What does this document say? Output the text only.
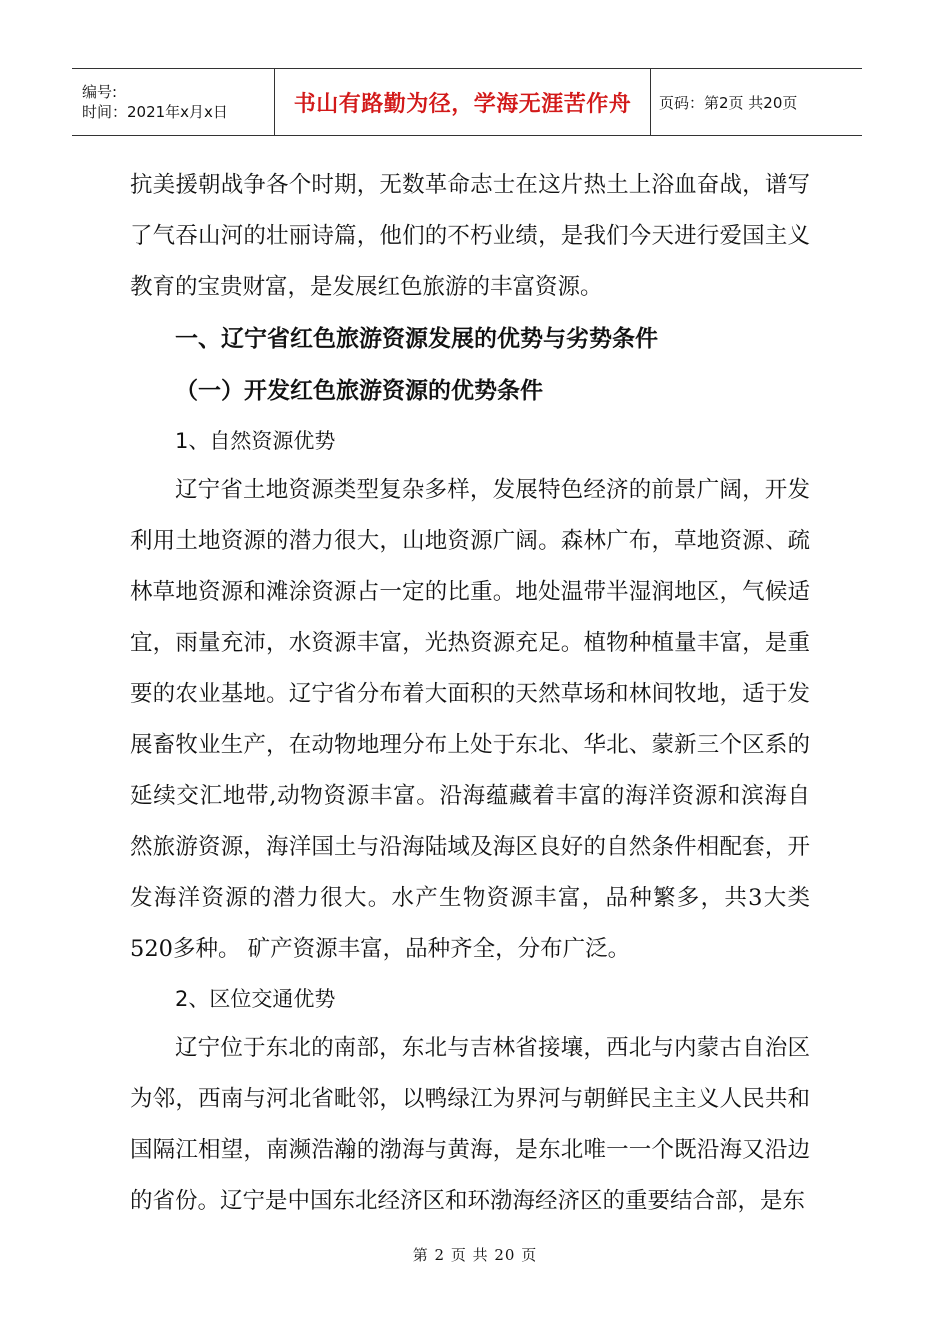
编号:
时间：2021年x月x日	书山有路勤为径，学海无涯苦作舟 页码：第2页 共20页

抗美援朝战争各个时期，无数革命志士在这片热土上浴血奋战，谱写了气吞山河的壮丽诗篇，他们的不朽业绩，是我们今天进行爱国主义教育的宝贵财富，是发展红色旅游的丰富资源。

一、辽宁省红色旅游资源发展的优势与劣势条件

（一）开发红色旅游资源的优势条件

1、自然资源优势

辽宁省土地资源类型复杂多样，发展特色经济的前景广阔，开发利用土地资源的潜力很大，山地资源广阔。森林广布，草地资源、疏林草地资源和滩涂资源占一定的比重。地处温带半湿润地区，气候适宜，雨量充沛，水资源丰富，光热资源充足。植物种植量丰富，是重要的农业基地。辽宁省分布着大面积的天然草场和林间牧地，适于发展畜牧业生产，在动物地理分布上处于东北、华北、蒙新三个区系的延续交汇地带,动物资源丰富。沿海蕴藏着丰富的海洋资源和滨海自然旅游资源，海洋国土与沿海陆域及海区良好的自然条件相配套，开发海洋资源的潜力很大。水产生物资源丰富，品种繁多，共3大类520多种。 矿产资源丰富，品种齐全，分布广泛。

2、区位交通优势

辽宁位于东北的南部，东北与吉林省接壤，西北与内蒙古自治区为邻，西南与河北省毗邻，以鸭绿江为界河与朝鲜民主主义人民共和国隔江相望，南濒浩瀚的渤海与黄海，是东北唯一一个既沿海又沿边的省份。辽宁是中国东北经济区和环渤海经济区的重要结合部，是东

第 2 页 共 20 页
